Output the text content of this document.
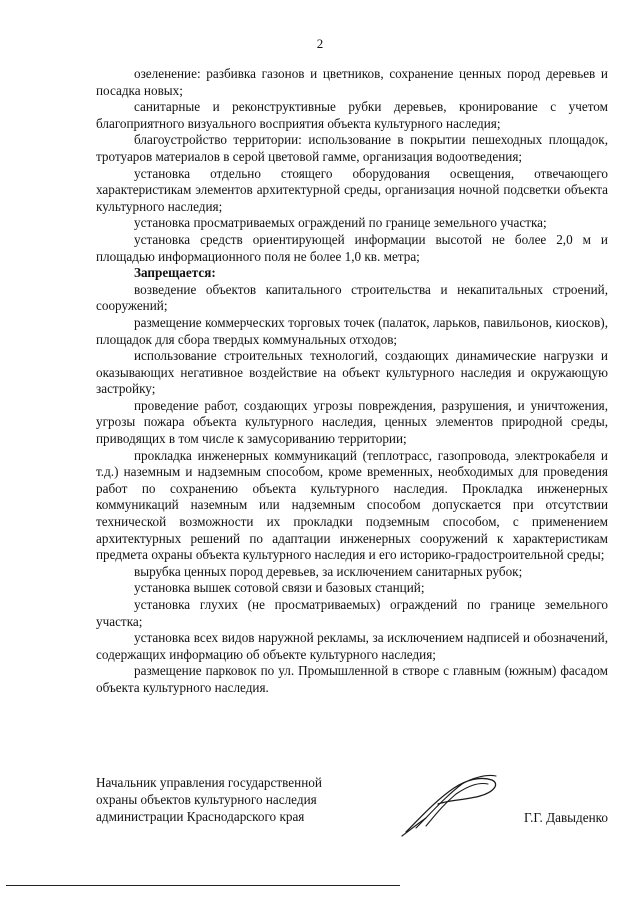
2

озеленение: разбивка газонов и цветников, сохранение ценных пород деревьев и посадка новых;

санитарные и реконструктивные рубки деревьев, кронирование с учетом благоприятного визуального восприятия объекта культурного наследия;

благоустройство территории: использование в покрытии пешеходных площадок, тротуаров материалов в серой цветовой гамме, организация водоотведения;

установка отдельно стоящего оборудования освещения, отвечающего характеристикам элементов архитектурной среды, организация ночной подсветки объекта культурного наследия;

установка просматриваемых ограждений по границе земельного участка;

установка средств ориентирующей информации высотой не более 2,0 м и площадью информационного поля не более 1,0 кв. метра;

Запрещается:

возведение объектов капитального строительства и некапитальных строений, сооружений;

размещение коммерческих торговых точек (палаток, ларьков, павильонов, киосков), площадок для сбора твердых коммунальных отходов;

использование строительных технологий, создающих динамические нагрузки и оказывающих негативное воздействие на объект культурного наследия и окружающую застройку;

проведение работ, создающих угрозы повреждения, разрушения, и уничтожения, угрозы пожара объекта культурного наследия, ценных элементов природной среды, приводящих в том числе к замусориванию территории;

прокладка инженерных коммуникаций (теплотрасс, газопровода, электрокабеля и т.д.) наземным и надземным способом, кроме временных, необходимых для проведения работ по сохранению объекта культурного наследия. Прокладка инженерных коммуникаций наземным или надземным способом допускается при отсутствии технической возможности их прокладки подземным способом, с применением архитектурных решений по адаптации инженерных сооружений к характеристикам предмета охраны объекта культурного наследия и его историко-градостроительной среды;

вырубка ценных пород деревьев, за исключением санитарных рубок;

установка вышек сотовой связи и базовых станций;

установка глухих (не просматриваемых) ограждений по границе земельного участка;

установка всех видов наружной рекламы, за исключением надписей и обозначений, содержащих информацию об объекте культурного наследия;

размещение парковок по ул. Промышленной в створе с главным (южным) фасадом объекта культурного наследия.

Начальник управления государственной

охраны объектов культурного наследия

администрации Краснодарского края	Г.Г. Давыденко
